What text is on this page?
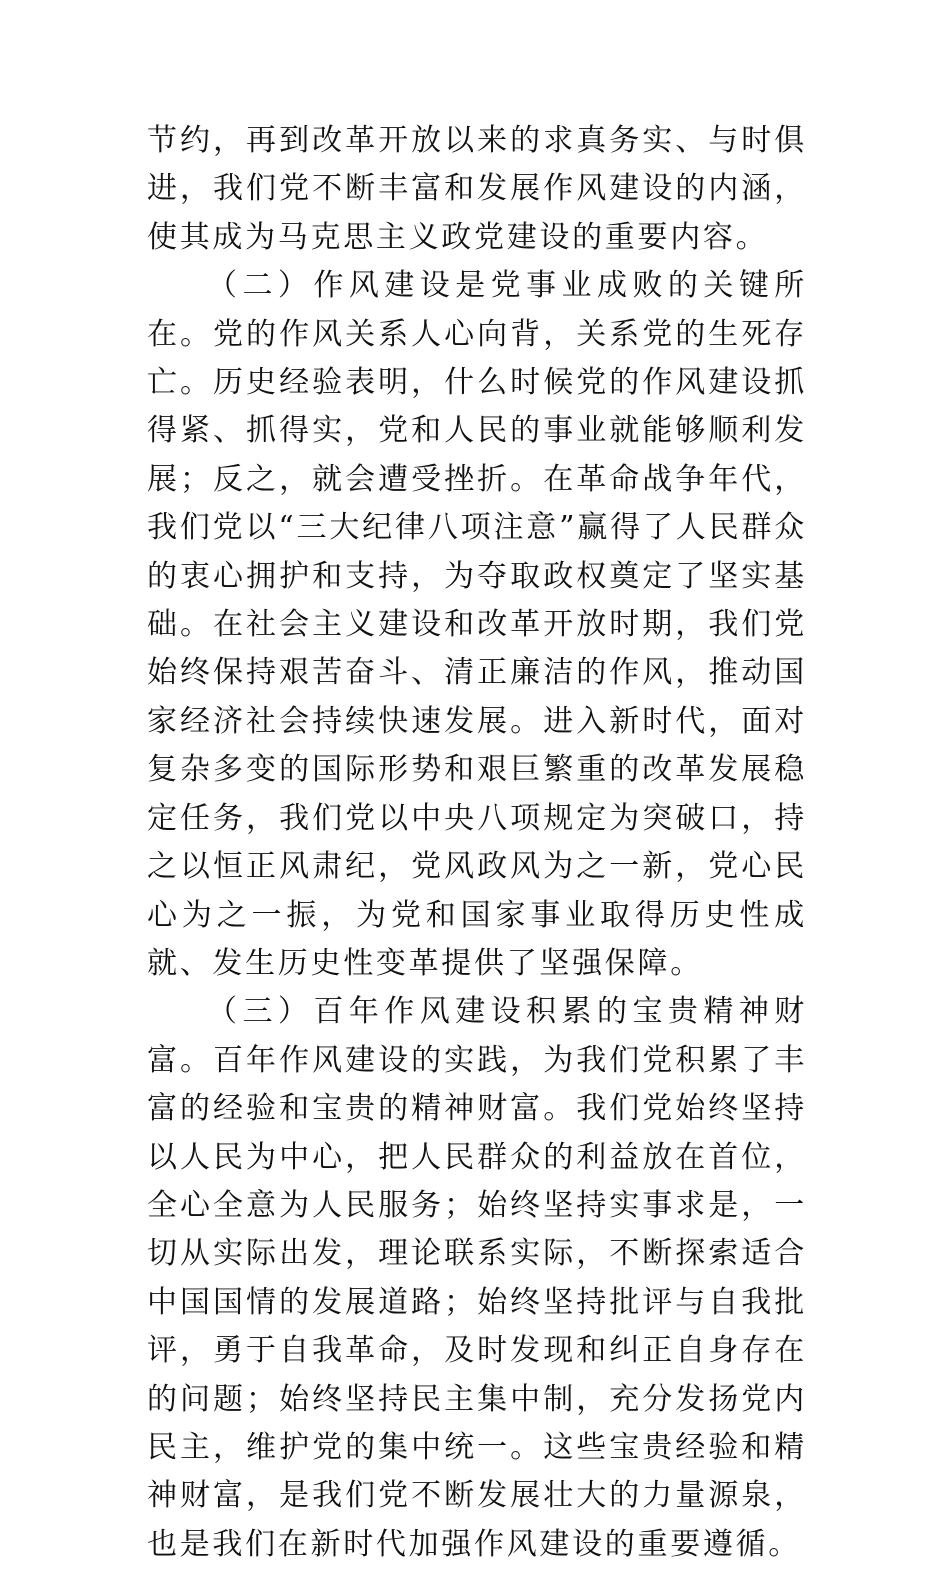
节约，再到改革开放以来的求真务实、与时俱进，我们党不断丰富和发展作风建设的内涵，使其成为马克思主义政党建设的重要内容。

（二）作风建设是党事业成败的关键所在。党的作风关系人心向背，关系党的生死存亡。历史经验表明，什么时候党的作风建设抓得紧、抓得实，党和人民的事业就能够顺利发展；反之，就会遭受挫折。在革命战争年代，我们党以“三大纪律八项注意”赢得了人民群众的衷心拥护和支持，为夺取政权奠定了坚实基础。在社会主义建设和改革开放时期，我们党始终保持艰苦奋斗、清正廉洁的作风，推动国家经济社会持续快速发展。进入新时代，面对复杂多变的国际形势和艰巨繁重的改革发展稳定任务，我们党以中央八项规定为突破口，持之以恒正风肃纪，党风政风为之一新，党心民心为之一振，为党和国家事业取得历史性成就、发生历史性变革提供了坚强保障。

（三）百年作风建设积累的宝贵精神财富。百年作风建设的实践，为我们党积累了丰富的经验和宝贵的精神财富。我们党始终坚持以人民为中心，把人民群众的利益放在首位，全心全意为人民服务；始终坚持实事求是，一切从实际出发，理论联系实际，不断探索适合中国国情的发展道路；始终坚持批评与自我批评，勇于自我革命，及时发现和纠正自身存在的问题；始终坚持民主集中制，充分发扬党内民主，维护党的集中统一。这些宝贵经验和精神财富，是我们党不断发展壮大的力量源泉，也是我们在新时代加强作风建设的重要遵循。
